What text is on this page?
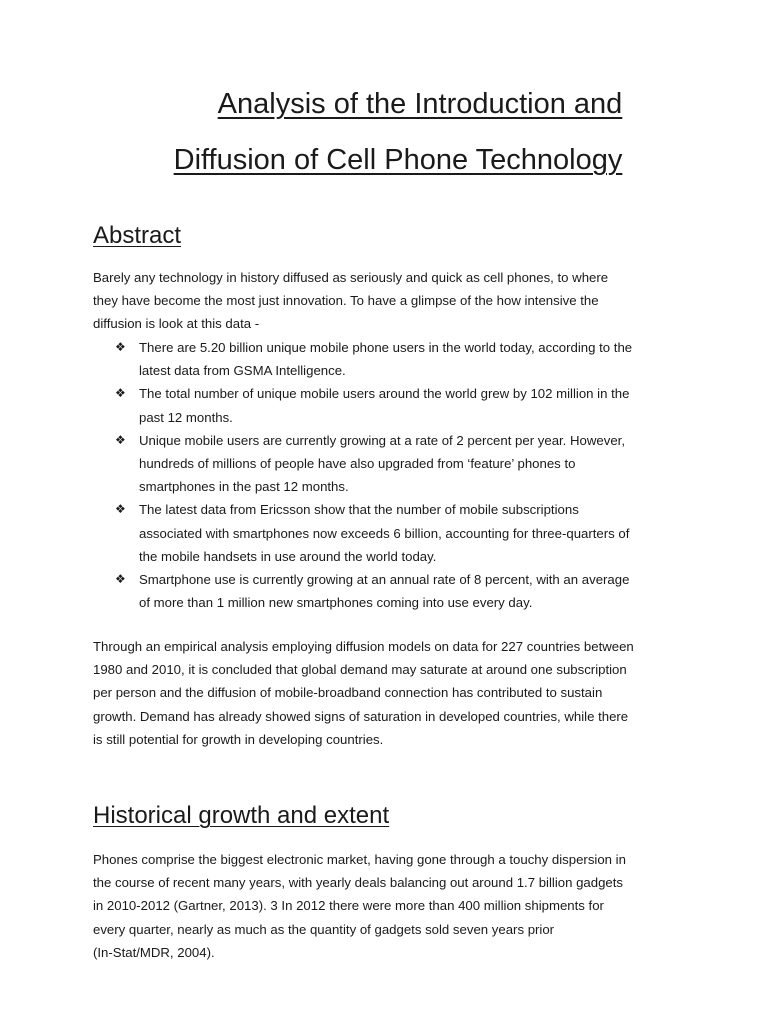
Analysis of the Introduction and
Diffusion of Cell Phone Technology
Abstract

Barely any technology in history diffused as seriously and quick as cell phones, to where
they have become the most just innovation. To have a glimpse of the how intensive the
diffusion is look at this data -

❖ There are 5.20 billion unique mobile phone users in the world today, according to the
latest data from GSMA Intelligence.
❖ The total number of unique mobile users around the world grew by 102 million in the
past 12 months.
❖ Unique mobile users are currently growing at a rate of 2 percent per year. However,
hundreds of millions of people have also upgraded from ‘feature’ phones to
smartphones in the past 12 months.
❖ The latest data from Ericsson show that the number of mobile subscriptions
associated with smartphones now exceeds 6 billion, accounting for three-quarters of
the mobile handsets in use around the world today.
❖ Smartphone use is currently growing at an annual rate of 8 percent, with an average
of more than 1 million new smartphones coming into use every day.

Through an empirical analysis employing diffusion models on data for 227 countries between
1980 and 2010, it is concluded that global demand may saturate at around one subscription
per person and the diffusion of mobile-broadband connection has contributed to sustain
growth. Demand has already showed signs of saturation in developed countries, while there
is still potential for growth in developing countries.

Historical growth and extent

Phones comprise the biggest electronic market, having gone through a touchy dispersion in
the course of recent many years, with yearly deals balancing out around 1.7 billion gadgets
in 2010-2012 (Gartner, 2013). 3 In 2012 there were more than 400 million shipments for
every quarter, nearly as much as the quantity of gadgets sold seven years prior
(In-Stat/MDR, 2004).
